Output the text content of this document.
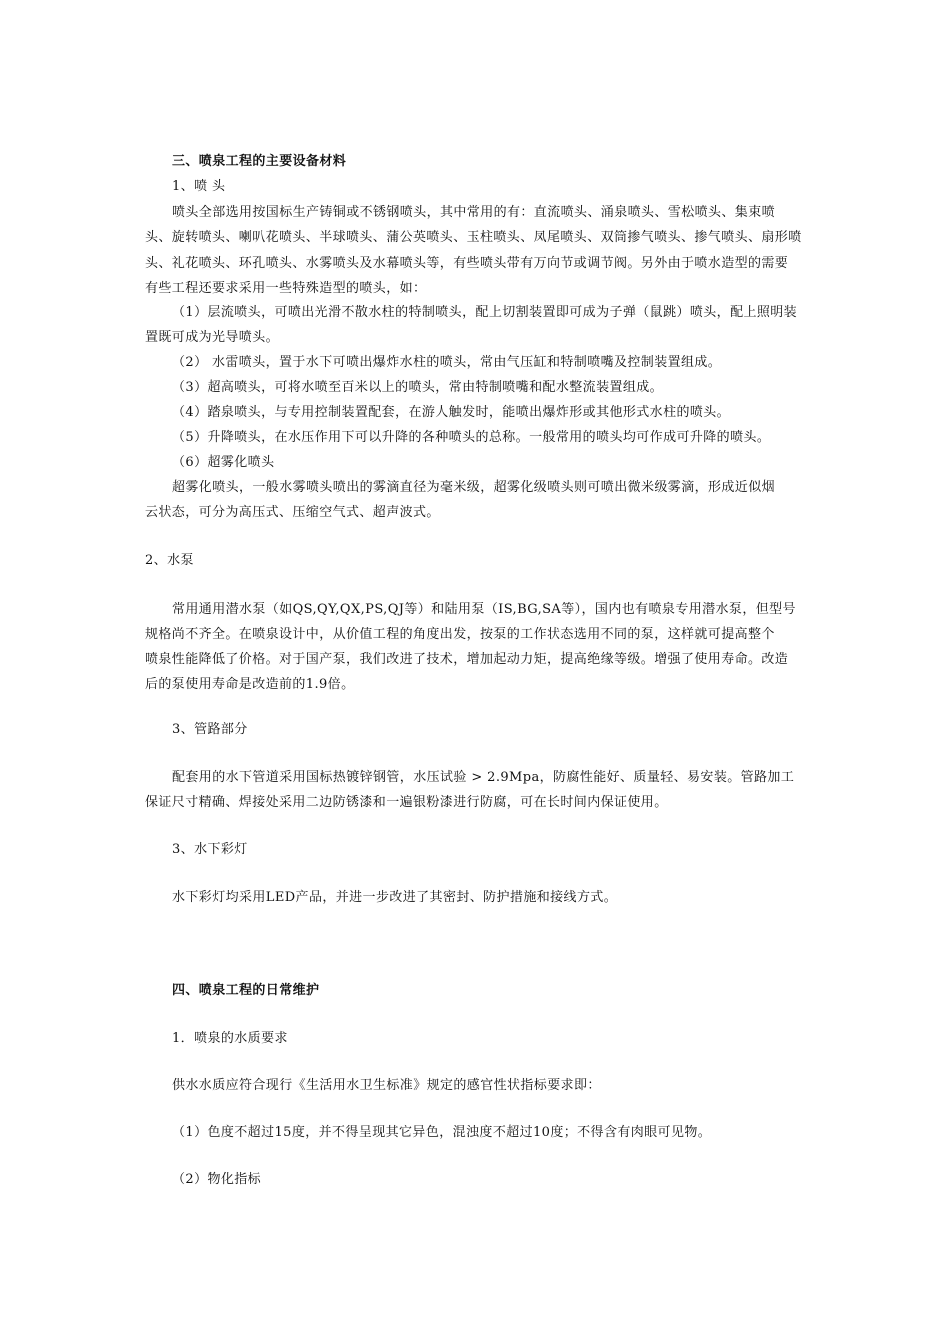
三、喷泉工程的主要设备材料
1、喷 头
喷头全部选用按国标生产铸铜或不锈钢喷头，其中常用的有：直流喷头、涌泉喷头、雪松喷头、集束喷
头、旋转喷头、喇叭花喷头、半球喷头、蒲公英喷头、玉柱喷头、凤尾喷头、双筒掺气喷头、掺气喷头、扇形喷
头、礼花喷头、环孔喷头、水雾喷头及水幕喷头等，有些喷头带有万向节或调节阀。另外由于喷水造型的需要
有些工程还要求采用一些特殊造型的喷头，如：
（1）层流喷头，可喷出光滑不散水柱的特制喷头，配上切割装置即可成为子弹（鼠跳）喷头，配上照明装
置既可成为光导喷头。
（2） 水雷喷头，置于水下可喷出爆炸水柱的喷头，常由气压缸和特制喷嘴及控制装置组成。
（3）超高喷头，可将水喷至百米以上的喷头，常由特制喷嘴和配水整流装置组成。
（4）踏泉喷头，与专用控制装置配套，在游人触发时，能喷出爆炸形或其他形式水柱的喷头。
（5）升降喷头，在水压作用下可以升降的各种喷头的总称。一般常用的喷头均可作成可升降的喷头。
（6）超雾化喷头
超雾化喷头，一般水雾喷头喷出的雾滴直径为毫米级，超雾化级喷头则可喷出微米级雾滴，形成近似烟
云状态，可分为高压式、压缩空气式、超声波式。
2、水泵
常用通用潜水泵（如QS,QY,QX,PS,QJ等）和陆用泵（IS,BG,SA等），国内也有喷泉专用潜水泵，但型号
规格尚不齐全。在喷泉设计中，从价值工程的角度出发，按泵的工作状态选用不同的泵，这样就可提高整个
喷泉性能降低了价格。对于国产泵，我们改进了技术，增加起动力矩，提高绝缘等级。增强了使用寿命。改造
后的泵使用寿命是改造前的1.9倍。
3、管路部分
配套用的水下管道采用国标热镀锌钢管，水压试验 > 2.9Mpa，防腐性能好、质量轻、易安装。管路加工
保证尺寸精确、焊接处采用二边防锈漆和一遍银粉漆进行防腐，可在长时间内保证使用。
3、水下彩灯
水下彩灯均采用LED产品，并进一步改进了其密封、防护措施和接线方式。
四、喷泉工程的日常维护
1．喷泉的水质要求
供水水质应符合现行《生活用水卫生标准》规定的感官性状指标要求即：
（1）色度不超过15度，并不得呈现其它异色，混浊度不超过10度；不得含有肉眼可见物。
（2）物化指标
